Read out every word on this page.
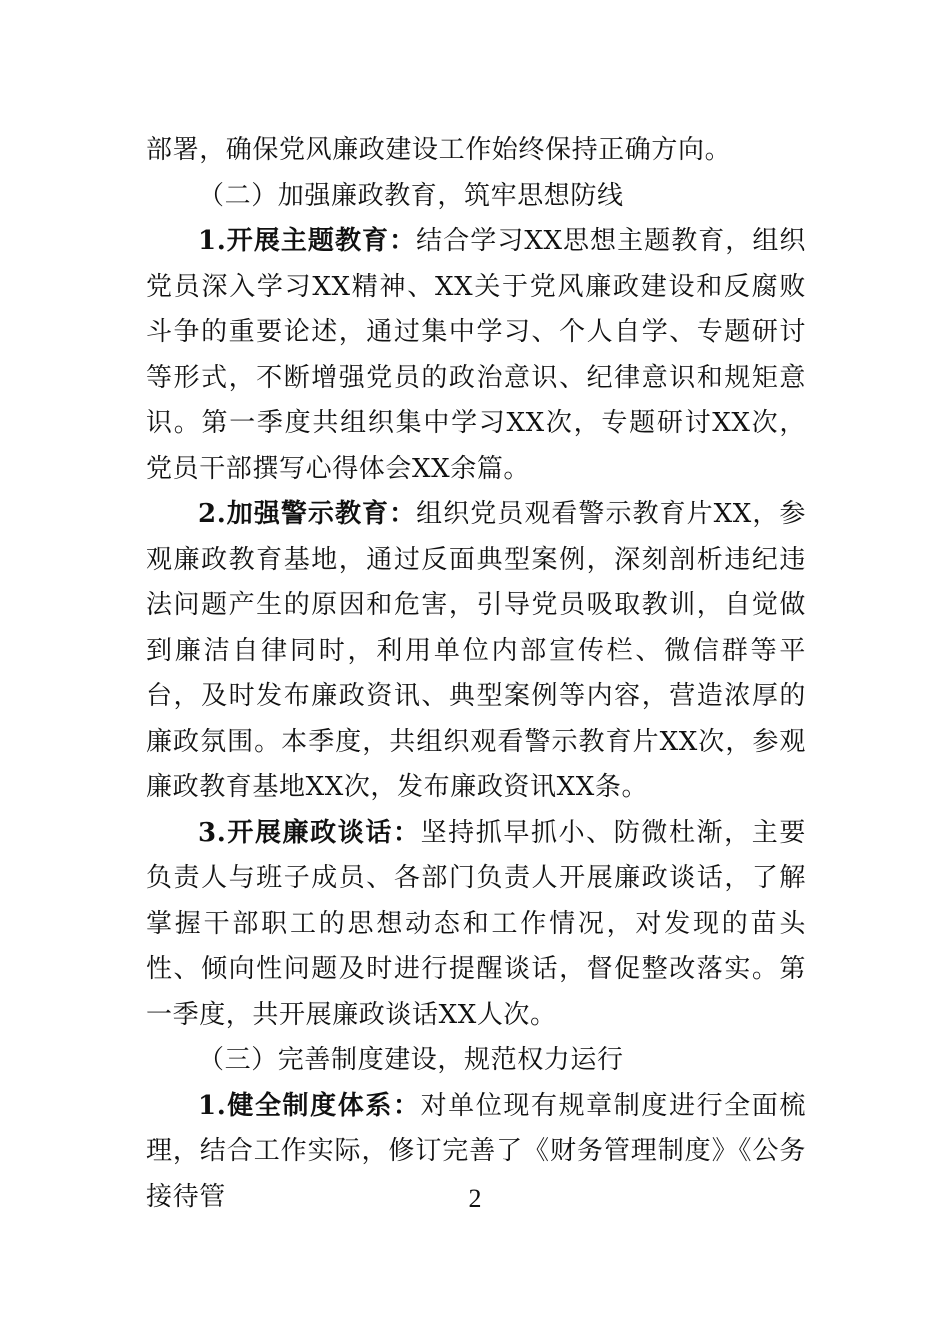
部署，确保党风廉政建设工作始终保持正确方向。

（二）加强廉政教育，筑牢思想防线

1.开展主题教育：结合学习XX思想主题教育，组织党员深入学习XX精神、XX关于党风廉政建设和反腐败斗争的重要论述，通过集中学习、个人自学、专题研讨等形式，不断增强党员的政治意识、纪律意识和规矩意识。第一季度共组织集中学习XX次，专题研讨XX次，党员干部撰写心得体会XX余篇。

2.加强警示教育：组织党员观看警示教育片XX，参观廉政教育基地，通过反面典型案例，深刻剖析违纪违法问题产生的原因和危害，引导党员吸取教训，自觉做到廉洁自律同时，利用单位内部宣传栏、微信群等平台，及时发布廉政资讯、典型案例等内容，营造浓厚的廉政氛围。本季度，共组织观看警示教育片XX次，参观廉政教育基地XX次，发布廉政资讯XX条。

3.开展廉政谈话：坚持抓早抓小、防微杜渐，主要负责人与班子成员、各部门负责人开展廉政谈话，了解掌握干部职工的思想动态和工作情况，对发现的苗头性、倾向性问题及时进行提醒谈话，督促整改落实。第一季度，共开展廉政谈话XX人次。

（三）完善制度建设，规范权力运行

1.健全制度体系：对单位现有规章制度进行全面梳理，结合工作实际，修订完善了《财务管理制度》《公务接待管	2
